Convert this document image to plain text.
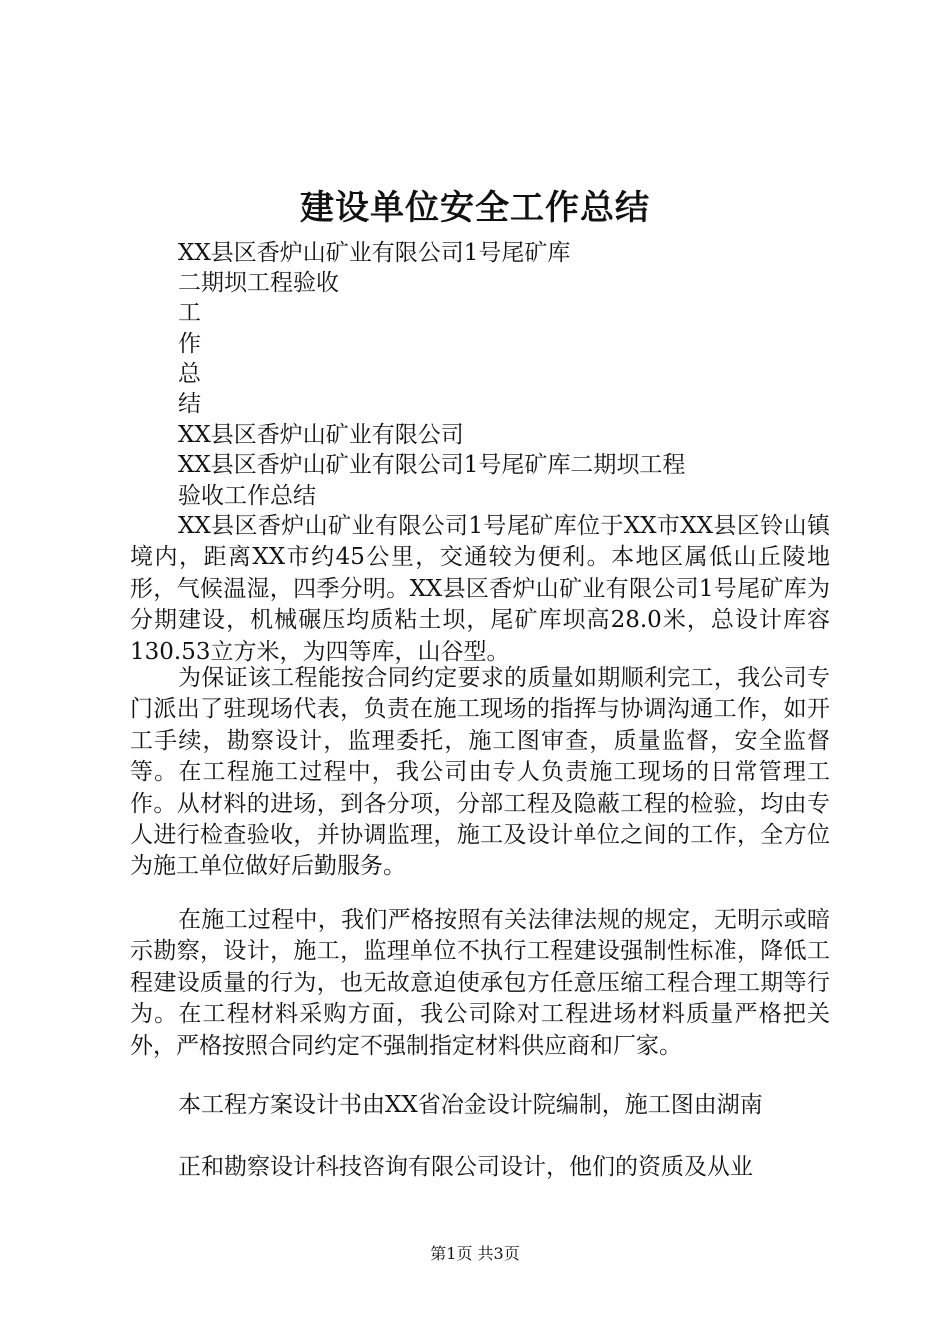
建设单位安全工作总结
XX县区香炉山矿业有限公司1号尾矿库
二期坝工程验收
工
作
总
结
XX县区香炉山矿业有限公司
XX县区香炉山矿业有限公司1号尾矿库二期坝工程
验收工作总结

XX县区香炉山矿业有限公司1号尾矿库位于XX市XX县区铃山镇境内，距离XX市约45公里，交通较为便利。本地区属低山丘陵地形，气候温湿，四季分明。XX县区香炉山矿业有限公司1号尾矿库为分期建设，机械碾压均质粘土坝，尾矿库坝高28.0米，总设计库容130.53立方米，为四等库，山谷型。

为保证该工程能按合同约定要求的质量如期顺利完工，我公司专门派出了驻现场代表，负责在施工现场的指挥与协调沟通工作，如开工手续，勘察设计，监理委托，施工图审查，质量监督，安全监督等。在工程施工过程中，我公司由专人负责施工现场的日常管理工作。从材料的进场，到各分项，分部工程及隐蔽工程的检验，均由专人进行检查验收，并协调监理，施工及设计单位之间的工作，全方位为施工单位做好后勤服务。

在施工过程中，我们严格按照有关法律法规的规定，无明示或暗示勘察，设计，施工，监理单位不执行工程建设强制性标准，降低工程建设质量的行为，也无故意迫使承包方任意压缩工程合理工期等行为。在工程材料采购方面，我公司除对工程进场材料质量严格把关外，严格按照合同约定不强制指定材料供应商和厂家。

本工程方案设计书由XX省冶金设计院编制，施工图由湖南

正和勘察设计科技咨询有限公司设计，他们的资质及从业

第1页 共3页
